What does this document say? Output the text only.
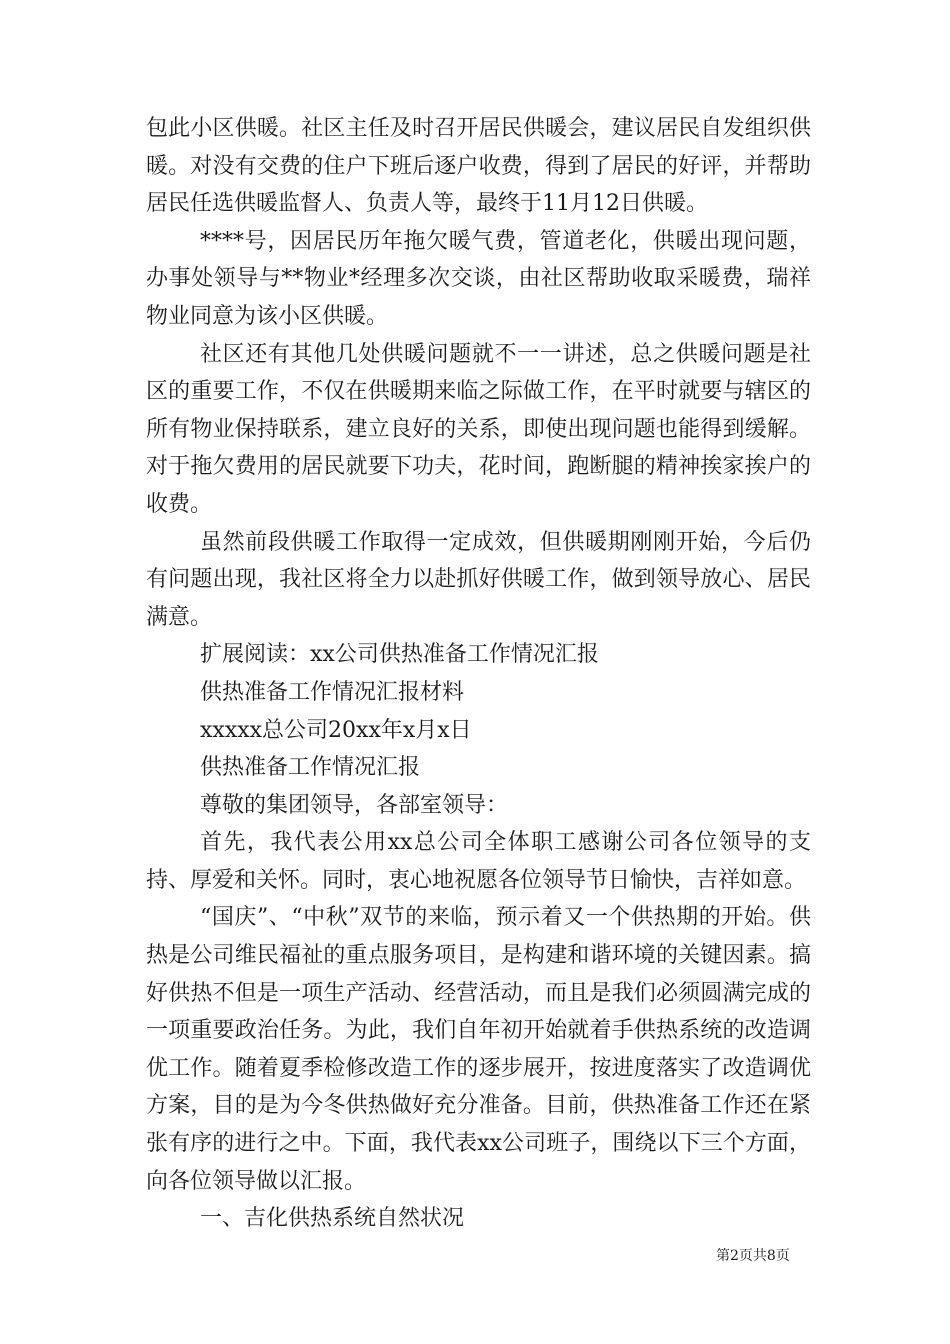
包此小区供暖。社区主任及时召开居民供暖会，建议居民自发组织供暖。对没有交费的住户下班后逐户收费，得到了居民的好评，并帮助居民任选供暖监督人、负责人等，最终于11月12日供暖。

****号，因居民历年拖欠暖气费，管道老化，供暖出现问题，办事处领导与**物业*经理多次交谈，由社区帮助收取采暖费，瑞祥物业同意为该小区供暖。

社区还有其他几处供暖问题就不一一讲述，总之供暖问题是社区的重要工作，不仅在供暖期来临之际做工作，在平时就要与辖区的所有物业保持联系，建立良好的关系，即使出现问题也能得到缓解。对于拖欠费用的居民就要下功夫，花时间，跑断腿的精神挨家挨户的收费。

虽然前段供暖工作取得一定成效，但供暖期刚刚开始，今后仍有问题出现，我社区将全力以赴抓好供暖工作，做到领导放心、居民满意。

扩展阅读：xx公司供热准备工作情况汇报

供热准备工作情况汇报材料

xxxxx总公司20xx年x月x日

供热准备工作情况汇报

尊敬的集团领导，各部室领导：

首先，我代表公用xx总公司全体职工感谢公司各位领导的支持、厚爱和关怀。同时，衷心地祝愿各位领导节日愉快，吉祥如意。

“国庆”、“中秋”双节的来临，预示着又一个供热期的开始。供热是公司维民福祉的重点服务项目，是构建和谐环境的关键因素。搞好供热不但是一项生产活动、经营活动，而且是我们必须圆满完成的一项重要政治任务。为此，我们自年初开始就着手供热系统的改造调优工作。随着夏季检修改造工作的逐步展开，按进度落实了改造调优方案，目的是为今冬供热做好充分准备。目前，供热准备工作还在紧张有序的进行之中。下面，我代表xx公司班子，围绕以下三个方面，向各位领导做以汇报。

一、吉化供热系统自然状况

第2页共8页
